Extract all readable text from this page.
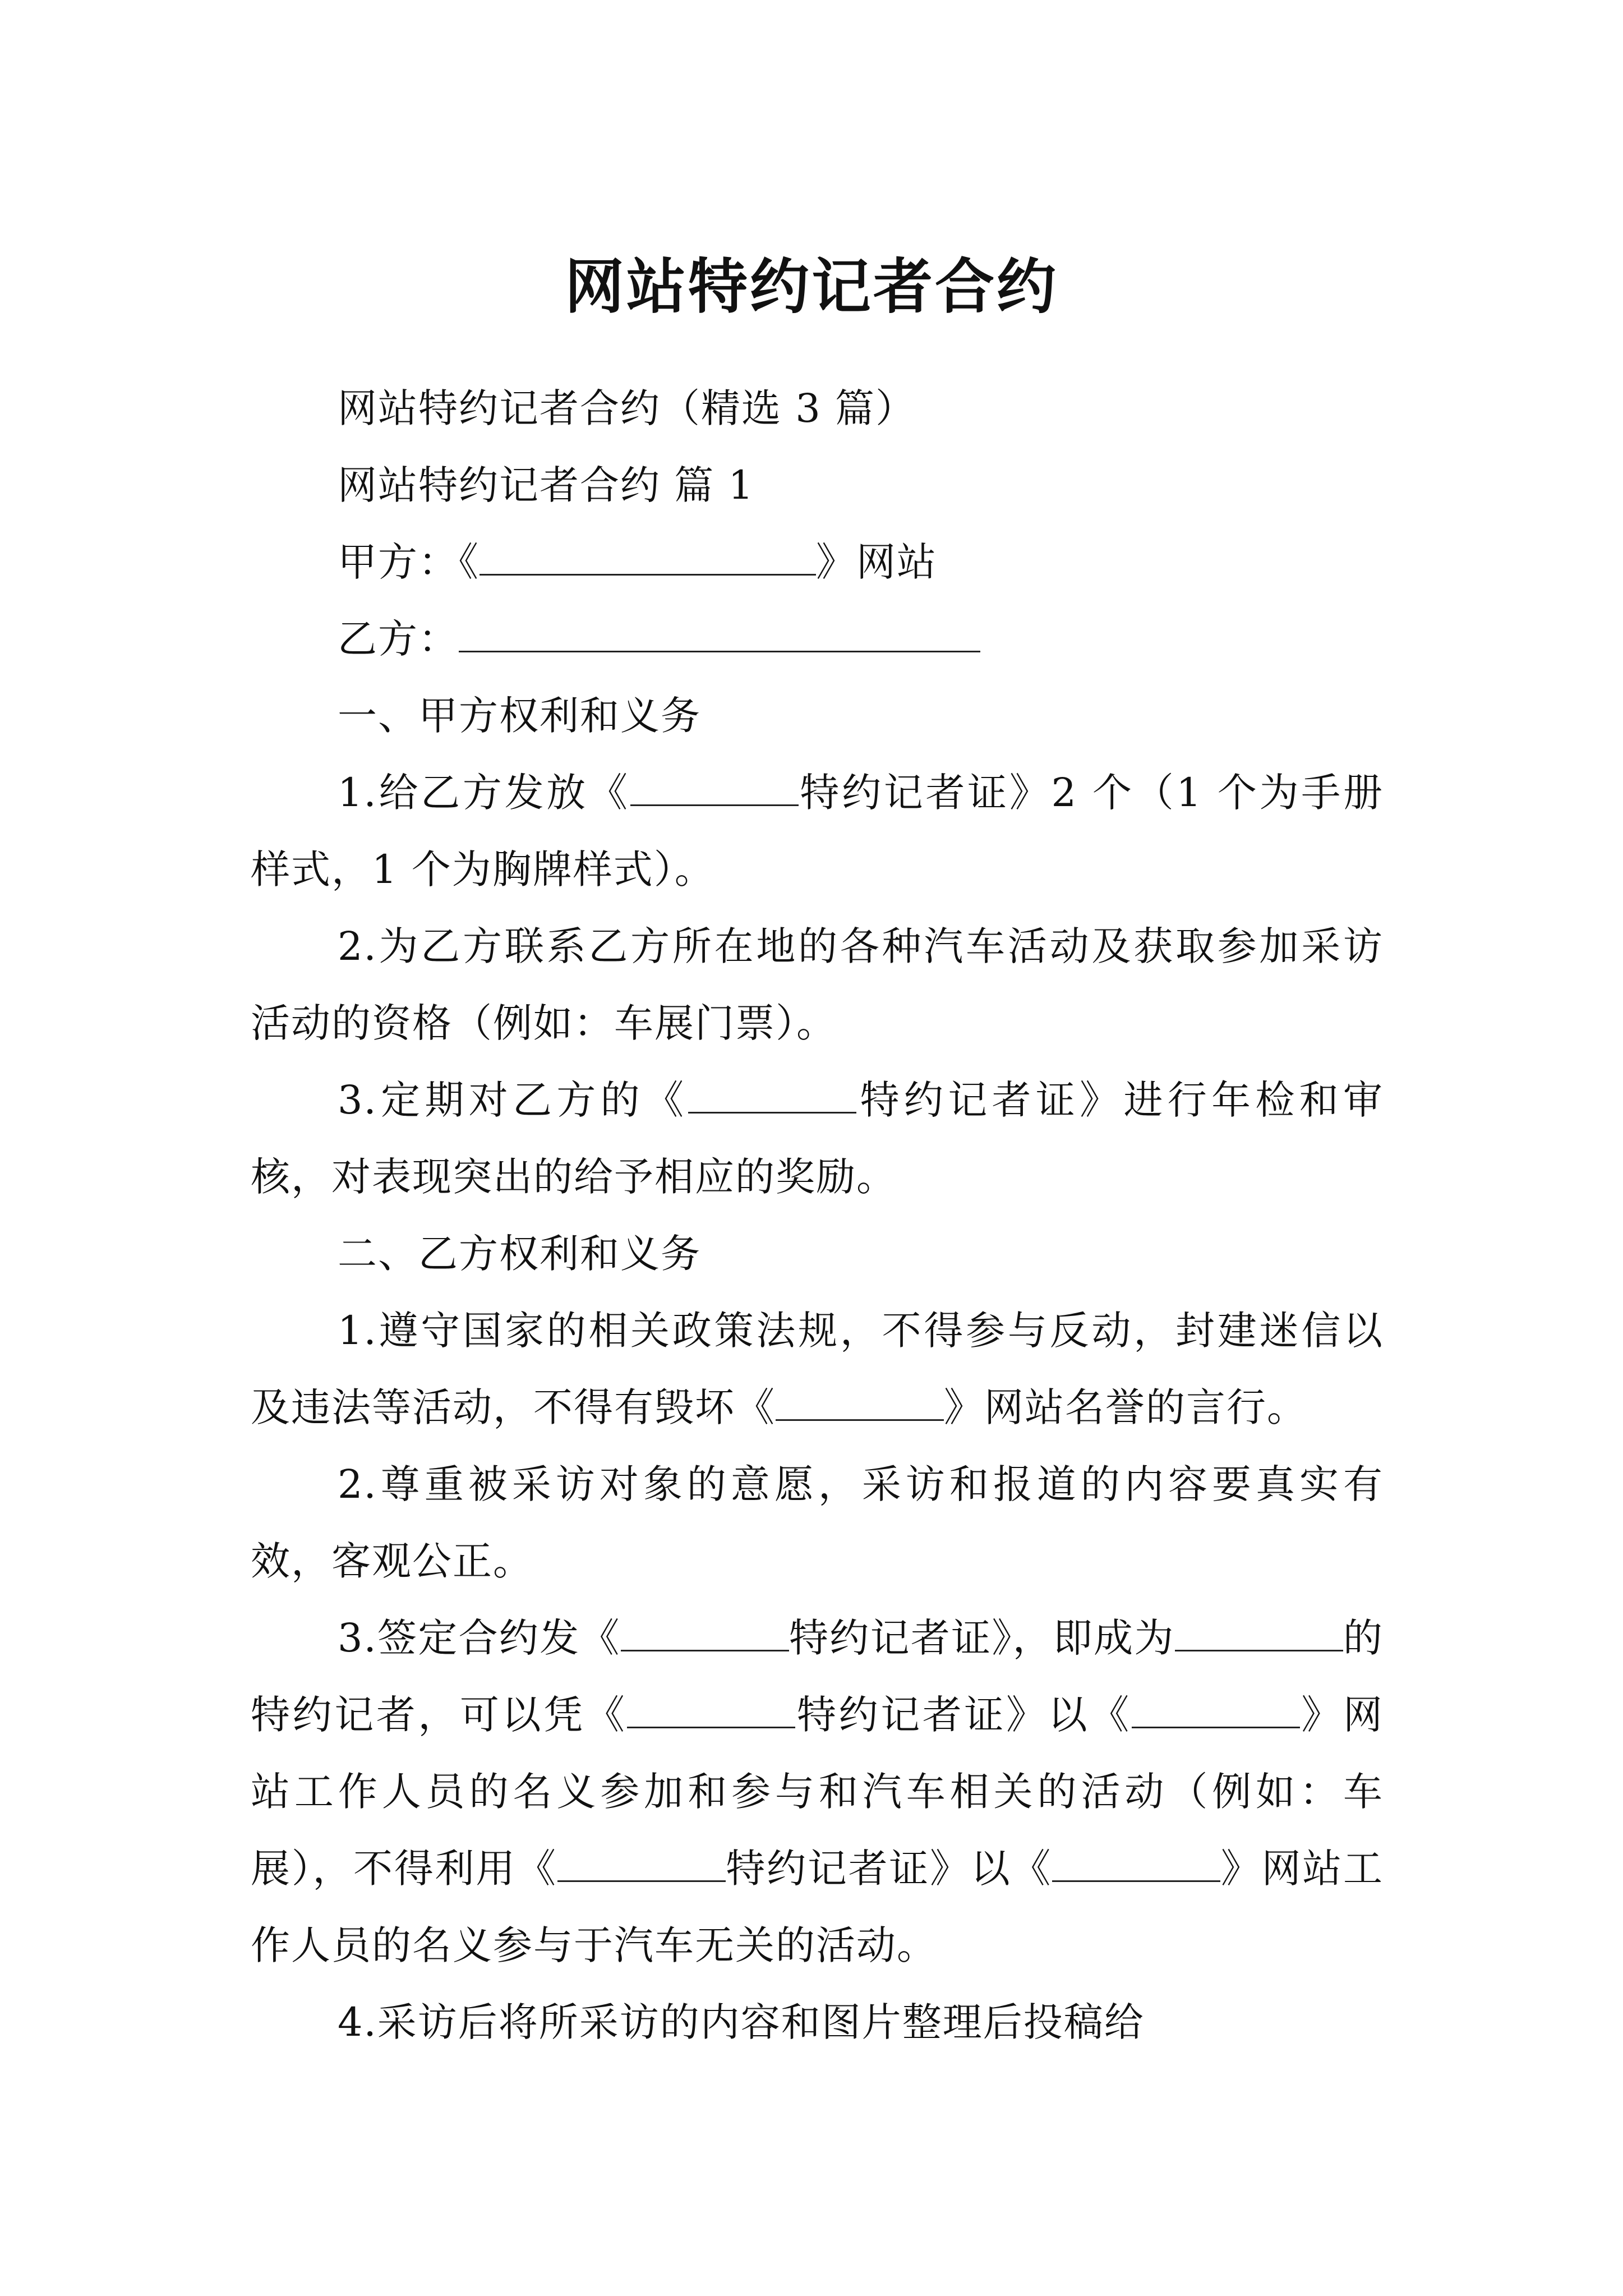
网站特约记者合约

网站特约记者合约（精选 3 篇）

网站特约记者合约 篇 1

甲方：《	》网站

乙方：

一、甲方权利和义务

1.给乙方发放《	特约记者证》2 个（1 个为手册样式，1 个为胸牌样式）。

2.为乙方联系乙方所在地的各种汽车活动及获取参加采访活动的资格（例如：车展门票）。

3.定期对乙方的《	特约记者证》进行年检和审核，对表现突出的给予相应的奖励。

二、乙方权利和义务

1.遵守国家的相关政策法规，不得参与反动，封建迷信以及违法等活动，不得有毁坏《	》网站名誉的言行。

2.尊重被采访对象的意愿，采访和报道的内容要真实有效，客观公正。

3.签定合约发《	特约记者证》，即成为	的特约记者，可以凭《	特约记者证》以《	》网站工作人员的名义参加和参与和汽车相关的活动（例如：车展），不得利用《	特约记者证》以《	》网站工作人员的名义参与于汽车无关的活动。

4.采访后将所采访的内容和图片整理后投稿给
